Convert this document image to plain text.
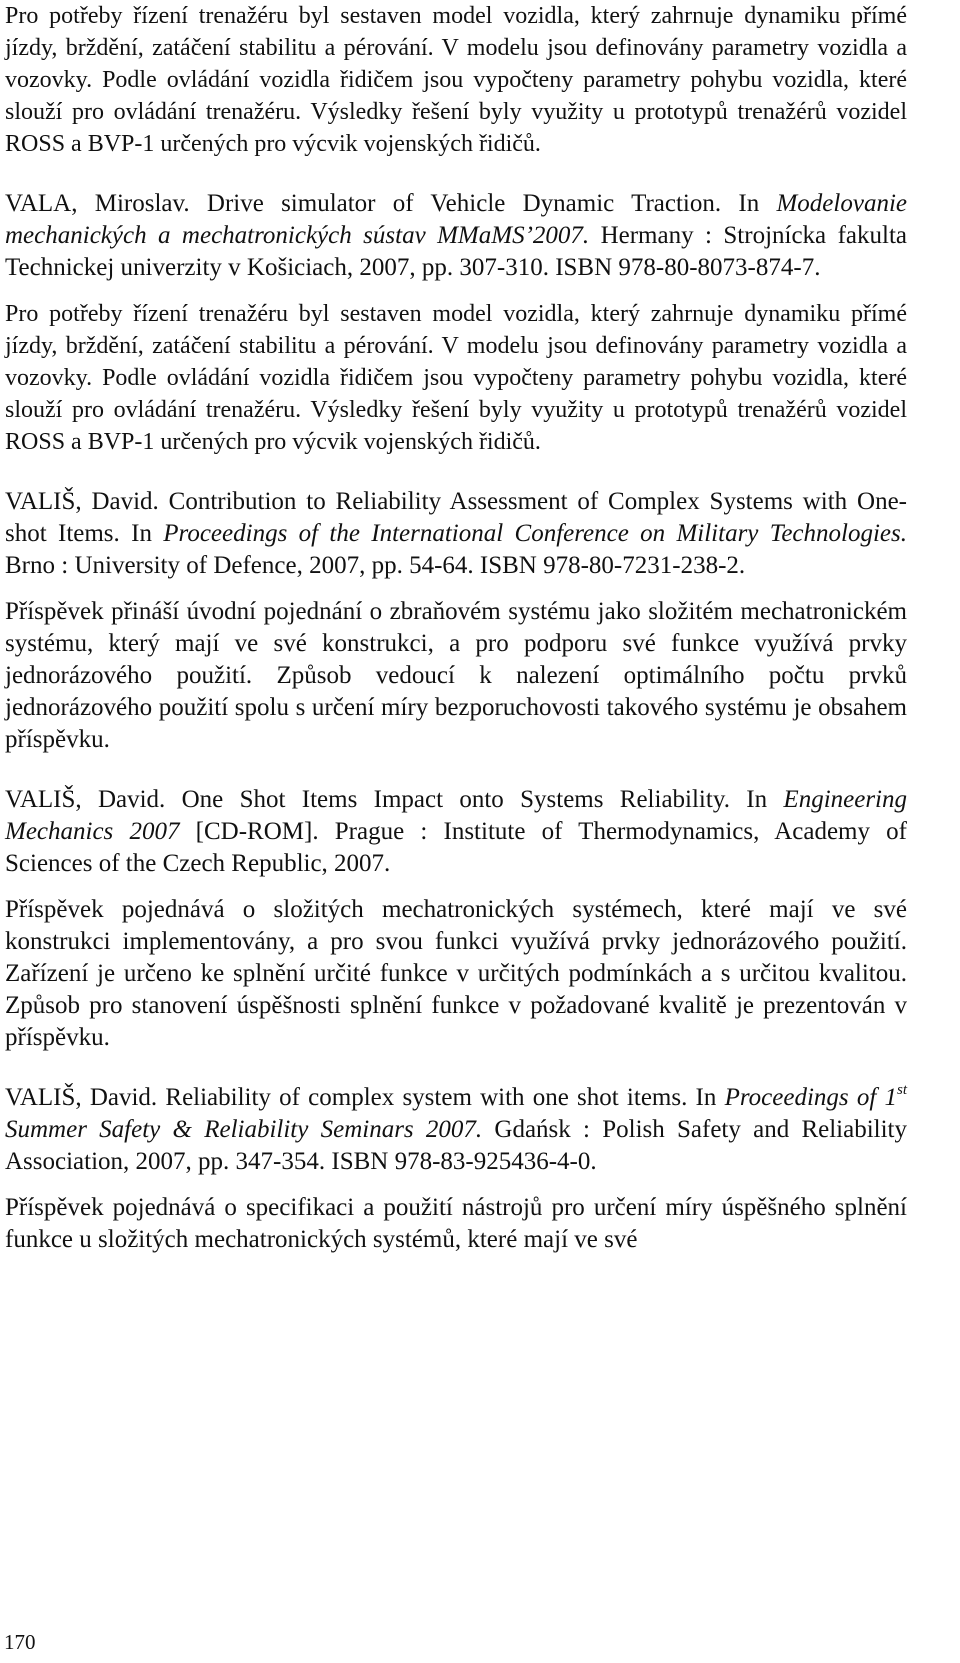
Pro potřeby řízení trenažéru byl sestaven model vozidla, který zahrnuje dynamiku přímé jízdy, brždění, zatáčení stabilitu a pérování. V modelu jsou definovány parametry vozidla a vozovky. Podle ovládání vozidla řidičem jsou vypočteny parametry pohybu vozidla, které slouží pro ovládání trenažéru. Výsledky řešení byly využity u prototypů trenažérů vozidel ROSS a BVP-1 určených pro výcvik vojenských řidičů.

VALA, Miroslav. Drive simulator of Vehicle Dynamic Traction. In Modelovanie mechanických a mechatronických sústav MMaMS’2007. Hermany : Strojnícka fakulta Technickej univerzity v Košiciach, 2007, pp. 307-310. ISBN 978-80-8073-874-7.

Pro potřeby řízení trenažéru byl sestaven model vozidla, který zahrnuje dynamiku přímé jízdy, brždění, zatáčení stabilitu a pérování. V modelu jsou definovány parametry vozidla a vozovky. Podle ovládání vozidla řidičem jsou vypočteny parametry pohybu vozidla, které slouží pro ovládání trenažéru. Výsledky řešení byly využity u prototypů trenažérů vozidel ROSS a BVP-1 určených pro výcvik vojenských řidičů.

VALIŠ, David. Contribution to Reliability Assessment of Complex Systems with One-shot Items. In Proceedings of the International Conference on Military Technologies. Brno : University of Defence, 2007, pp. 54-64. ISBN 978-80-7231-238-2.

Příspěvek přináší úvodní pojednání o zbraňovém systému jako složitém mechatronickém systému, který mají ve své konstrukci, a pro podporu své funkce využívá prvky jednorázového použití. Způsob vedoucí k nalezení optimálního počtu prvků jednorázového použití spolu s určení míry bezporuchovosti takového systému je obsahem příspěvku.

VALIŠ, David. One Shot Items Impact onto Systems Reliability. In Engineering Mechanics 2007 [CD-ROM]. Prague : Institute of Thermodynamics, Academy of Sciences of the Czech Republic, 2007.

Příspěvek pojednává o složitých mechatronických systémech, které mají ve své konstrukci implementovány, a pro svou funkci využívá prvky jednorázového použití. Zařízení je určeno ke splnění určité funkce v určitých podmínkách a s určitou kvalitou. Způsob pro stanovení úspěšnosti splnění funkce v požadované kvalitě je prezentován v příspěvku.

VALIŠ, David. Reliability of complex system with one shot items. In Proceedings of 1st Summer Safety & Reliability Seminars 2007. Gdańsk : Polish Safety and Reliability Association, 2007, pp. 347-354. ISBN 978-83-925436-4-0.

Příspěvek pojednává o specifikaci a použití nástrojů pro určení míry úspěšného splnění funkce u složitých mechatronických systémů, které mají ve své

170
